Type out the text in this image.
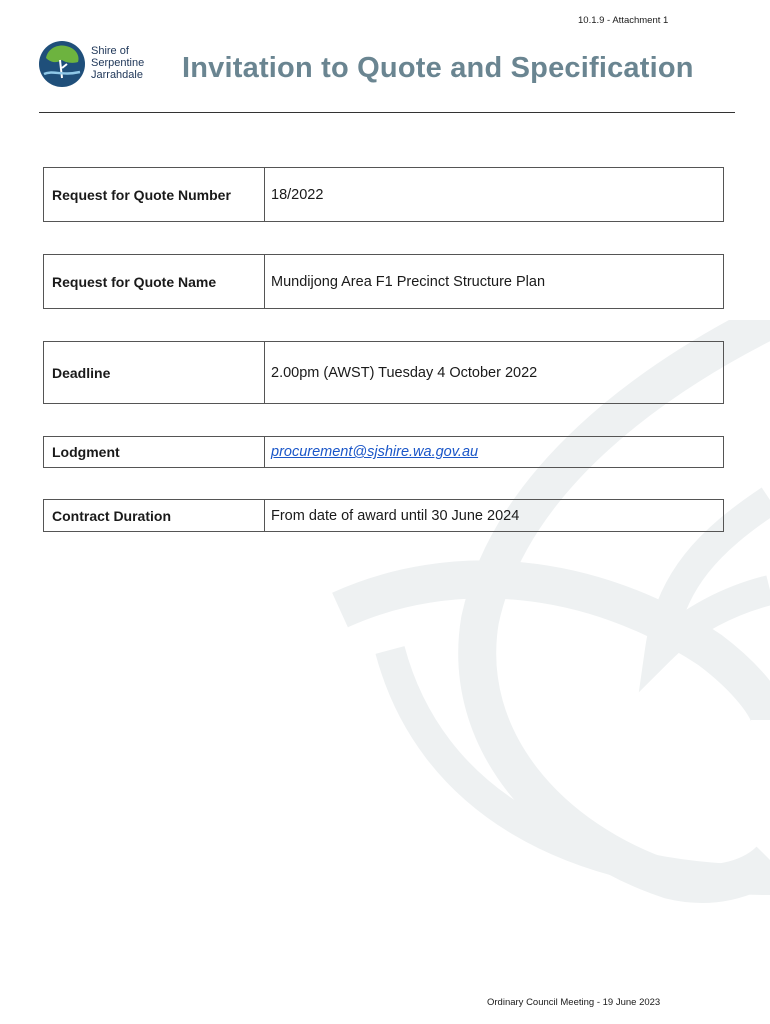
10.1.9 - Attachment 1
Shire of
Serpentine
Jarrahdale Invitation to Quote and Specification
Request for Quote Number	18/2022
Request for Quote Name	Mundijong Area F1 Precinct Structure Plan
Deadline	2.00pm (AWST) Tuesday 4 October 2022
Lodgment	procurement@sjshire.wa.gov.au
Contract Duration	From date of award until 30 June 2024
Ordinary Council Meeting - 19 June 2023
